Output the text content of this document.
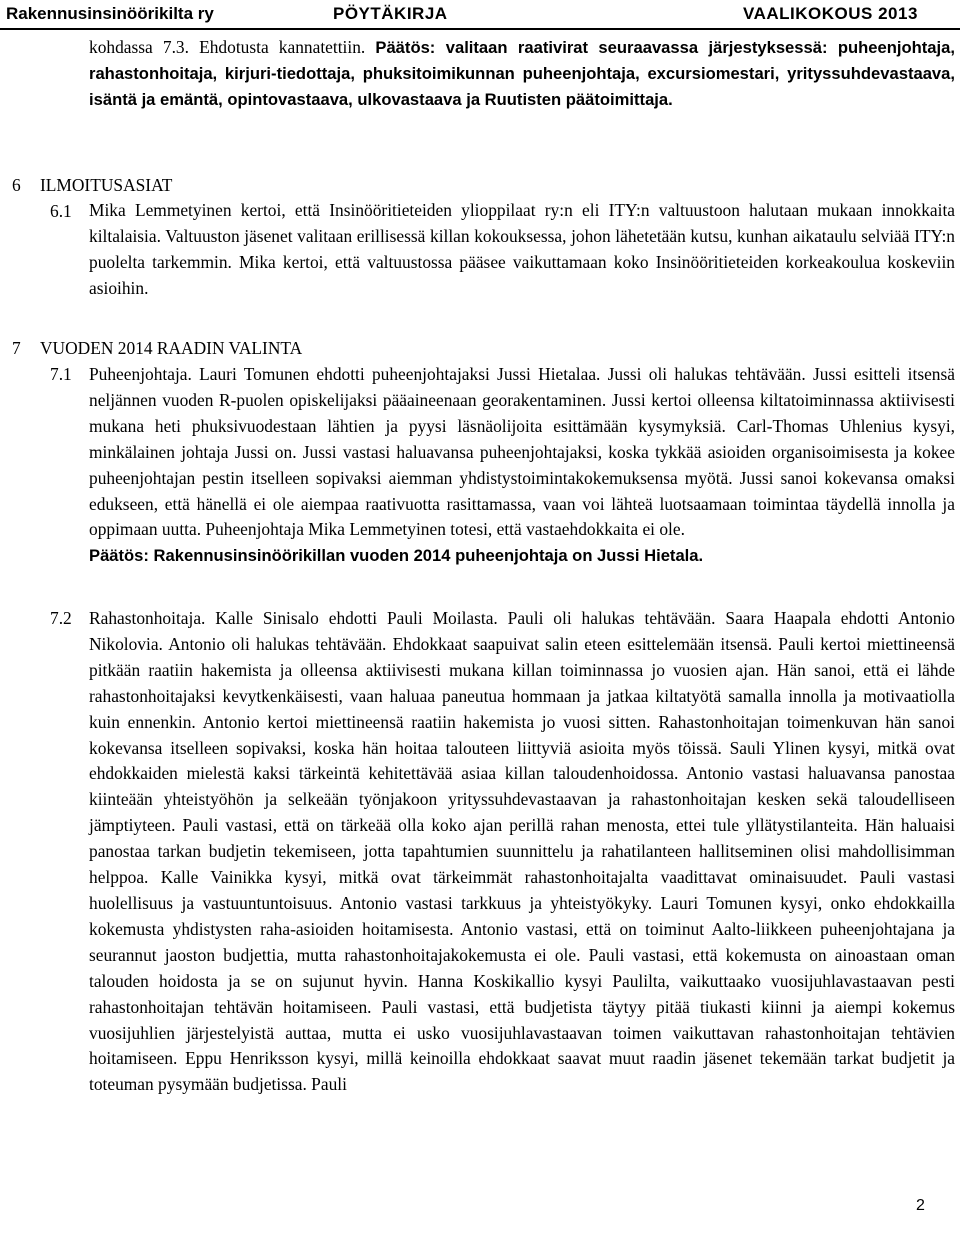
Rakennusinsinöörikilta ry	PÖYTÄKIRJA	VAALIKOKOUS 2013
kohdassa 7.3. Ehdotusta kannatettiin. Päätös: valitaan raativirat seuraavassa järjestyksessä: puheenjohtaja, rahastonhoitaja, kirjuri-tiedottaja, phuksitoimikunnan puheenjohtaja, excursiomestari, yrityssuhdevastaava, isäntä ja emäntä, opintovastaava, ulkovastaava ja Ruutisten päätoimittaja.
6 ILMOITUSASIAT
6.1 Mika Lemmetyinen kertoi, että Insinööritieteiden ylioppilaat ry:n eli ITY:n valtuustoon halutaan mukaan innokkaita kiltalaisia. Valtuuston jäsenet valitaan erillisessä killan kokouksessa, johon lähetetään kutsu, kunhan aikataulu selviää ITY:n puolelta tarkemmin. Mika kertoi, että valtuustossa pääsee vaikuttamaan koko Insinööritieteiden korkeakoulua koskeviin asioihin.
7 VUODEN 2014 RAADIN VALINTA
7.1 Puheenjohtaja. Lauri Tomunen ehdotti puheenjohtajaksi Jussi Hietalaa. Jussi oli halukas tehtävään. Jussi esitteli itsensä neljännen vuoden R-puolen opiskelijaksi pääaineenaan georakentaminen. Jussi kertoi olleensa kiltatoiminnassa aktiivisesti mukana heti phuksivuodestaan lähtien ja pyysi läsnäolijoita esittämään kysymyksiä. Carl-Thomas Uhlenius kysyi, minkälainen johtaja Jussi on. Jussi vastasi haluavansa puheenjohtajaksi, koska tykkää asioiden organisoimisesta ja kokee puheenjohtajan pestin itselleen sopivaksi aiemman yhdistystoimintakokemuksensa myötä. Jussi sanoi kokevansa omaksi edukseen, että hänellä ei ole aiempaa raativuotta rasittamassa, vaan voi lähteä luotsaamaan toimintaa täydellä innolla ja oppimaan uutta. Puheenjohtaja Mika Lemmetyinen totesi, että vastaehdokkaita ei ole.
Päätös: Rakennusinsinöörikillan vuoden 2014 puheenjohtaja on Jussi Hietala.
7.2 Rahastonhoitaja. Kalle Sinisalo ehdotti Pauli Moilasta. Pauli oli halukas tehtävään. Saara Haapala ehdotti Antonio Nikolovia. Antonio oli halukas tehtävään. Ehdokkaat saapuivat salin eteen esittelemään itsensä. Pauli kertoi miettineensä pitkään raatiin hakemista ja olleensa aktiivisesti mukana killan toiminnassa jo vuosien ajan. Hän sanoi, että ei lähde rahastonhoitajaksi kevytkenkäisesti, vaan haluaa paneutua hommaan ja jatkaa kiltatyötä samalla innolla ja motivaatiolla kuin ennenkin. Antonio kertoi miettineensä raatiin hakemista jo vuosi sitten. Rahastonhoitajan toimenkuvan hän sanoi kokevansa itselleen sopivaksi, koska hän hoitaa talouteen liittyviä asioita myös töissä. Sauli Ylinen kysyi, mitkä ovat ehdokkaiden mielestä kaksi tärkeintä kehitettävää asiaa killan taloudenhoidossa. Antonio vastasi haluavansa panostaa kiinteään yhteistyöhön ja selkeään työnjakoon yrityssuhdevastaavan ja rahastonhoitajan kesken sekä taloudelliseen jämptiyteen. Pauli vastasi, että on tärkeää olla koko ajan perillä rahan menosta, ettei tule yllätystilanteita. Hän haluaisi panostaa tarkan budjetin tekemiseen, jotta tapahtumien suunnittelu ja rahatilanteen hallitseminen olisi mahdollisimman helppoa. Kalle Vainikka kysyi, mitkä ovat tärkeimmät rahastonhoitajalta vaadittavat ominaisuudet. Pauli vastasi huolellisuus ja vastuuntuntoisuus. Antonio vastasi tarkkuus ja yhteistyökyky. Lauri Tomunen kysyi, onko ehdokkailla kokemusta yhdistysten raha-asioiden hoitamisesta. Antonio vastasi, että on toiminut Aalto-liikkeen puheenjohtajana ja seurannut jaoston budjettia, mutta rahastonhoitajakokemusta ei ole. Pauli vastasi, että kokemusta on ainoastaan oman talouden hoidosta ja se on sujunut hyvin. Hanna Koskikallio kysyi Paulilta, vaikuttaako vuosijuhlavastaavan pesti rahastonhoitajan tehtävän hoitamiseen. Pauli vastasi, että budjetista täytyy pitää tiukasti kiinni ja aiempi kokemus vuosijuhlien järjestelyistä auttaa, mutta ei usko vuosijuhlavastaavan toimen vaikuttavan rahastonhoitajan tehtävien hoitamiseen. Eppu Henriksson kysyi, millä keinoilla ehdokkaat saavat muut raadin jäsenet tekemään tarkat budjetit ja toteuman pysymään budjetissa. Pauli
2
